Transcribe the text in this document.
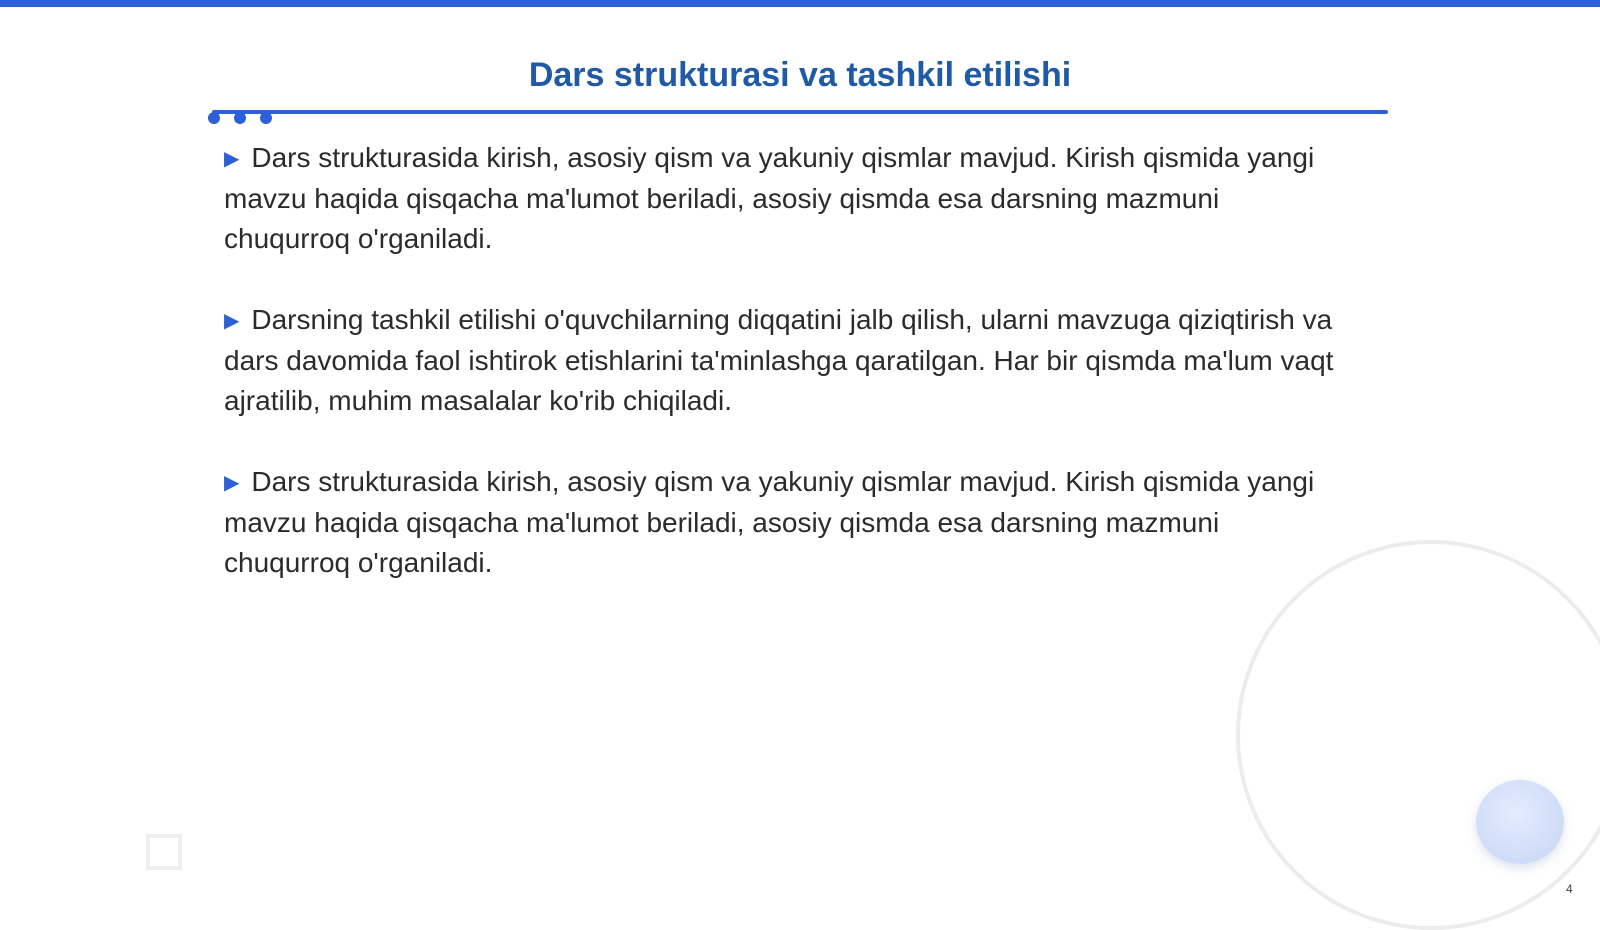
Dars strukturasi va tashkil etilishi

▶ Dars strukturasida kirish, asosiy qism va yakuniy qismlar mavjud. Kirish qismida yangi mavzu haqida qisqacha ma'lumot beriladi, asosiy qismda esa darsning mazmuni chuqurroq o'rganiladi.

▶ Darsning tashkil etilishi o'quvchilarning diqqatini jalb qilish, ularni mavzuga qiziqtirish va dars davomida faol ishtirok etishlarini ta'minlashga qaratilgan. Har bir qismda ma'lum vaqt ajratilib, muhim masalalar ko'rib chiqiladi.

▶ Dars strukturasida kirish, asosiy qism va yakuniy qismlar mavjud. Kirish qismida yangi mavzu haqida qisqacha ma'lumot beriladi, asosiy qismda esa darsning mazmuni chuqurroq o'rganiladi.

4
